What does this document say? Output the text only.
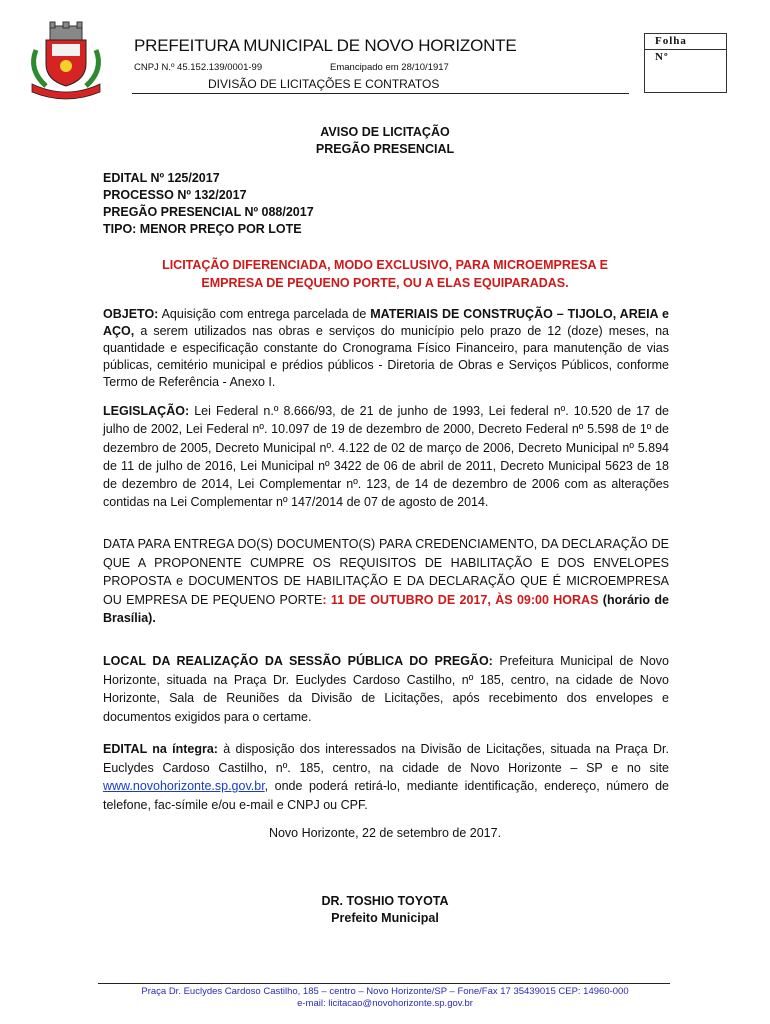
PREFEITURA MUNICIPAL DE NOVO HORIZONTE
CNPJ N.º 45.152.139/0001-99	Emancipado em 28/10/1917
DIVISÃO DE LICITAÇÕES E CONTRATOS
Folha
Nº
AVISO DE LICITAÇÃO
PREGÃO PRESENCIAL
EDITAL Nº 125/2017
PROCESSO Nº 132/2017
PREGÃO PRESENCIAL Nº 088/2017
TIPO: MENOR PREÇO POR LOTE
LICITAÇÃO DIFERENCIADA, MODO EXCLUSIVO, PARA MICROEMPRESA E
EMPRESA DE PEQUENO PORTE, OU A ELAS EQUIPARADAS.
OBJETO: Aquisição com entrega parcelada de MATERIAIS DE CONSTRUÇÃO – TIJOLO, AREIA e AÇO, a serem utilizados nas obras e serviços do município pelo prazo de 12 (doze) meses, na quantidade e especificação constante do Cronograma Físico Financeiro, para manutenção de vias públicas, cemitério municipal e prédios públicos - Diretoria de Obras e Serviços Públicos, conforme Termo de Referência - Anexo I.
LEGISLAÇÃO: Lei Federal n.º 8.666/93, de 21 de junho de 1993, Lei federal nº. 10.520 de 17 de julho de 2002, Lei Federal nº. 10.097 de 19 de dezembro de 2000, Decreto Federal nº 5.598 de 1º de dezembro de 2005, Decreto Municipal nº. 4.122 de 02 de março de 2006, Decreto Municipal nº 5.894 de 11 de julho de 2016, Lei Municipal nº 3422 de 06 de abril de 2011, Decreto Municipal 5623 de 18 de dezembro de 2014, Lei Complementar nº. 123, de 14 de dezembro de 2006 com as alterações contidas na Lei Complementar nº 147/2014 de 07 de agosto de 2014.
DATA PARA ENTREGA DO(S) DOCUMENTO(S) PARA CREDENCIAMENTO, DA DECLARAÇÃO DE QUE A PROPONENTE CUMPRE OS REQUISITOS DE HABILITAÇÃO E DOS ENVELOPES PROPOSTA e DOCUMENTOS DE HABILITAÇÃO E DA DECLARAÇÃO QUE É MICROEMPRESA OU EMPRESA DE PEQUENO PORTE: 11 DE OUTUBRO DE 2017, ÀS 09:00 HORAS (horário de Brasília).
LOCAL DA REALIZAÇÃO DA SESSÃO PÚBLICA DO PREGÃO: Prefeitura Municipal de Novo Horizonte, situada na Praça Dr. Euclydes Cardoso Castilho, nº 185, centro, na cidade de Novo Horizonte, Sala de Reuniões da Divisão de Licitações, após recebimento dos envelopes e documentos exigidos para o certame.
EDITAL na íntegra: à disposição dos interessados na Divisão de Licitações, situada na Praça Dr. Euclydes Cardoso Castilho, nº. 185, centro, na cidade de Novo Horizonte – SP e no site www.novohorizonte.sp.gov.br, onde poderá retirá-lo, mediante identificação, endereço, número de telefone, fac-símile e/ou e-mail e CNPJ ou CPF.
Novo Horizonte, 22 de setembro de 2017.
DR. TOSHIO TOYOTA
Prefeito Municipal
Praça Dr. Euclydes Cardoso Castilho, 185 – centro – Novo Horizonte/SP – Fone/Fax 17 35439015 CEP: 14960-000
e-mail: licitacao@novohorizonte.sp.gov.br
